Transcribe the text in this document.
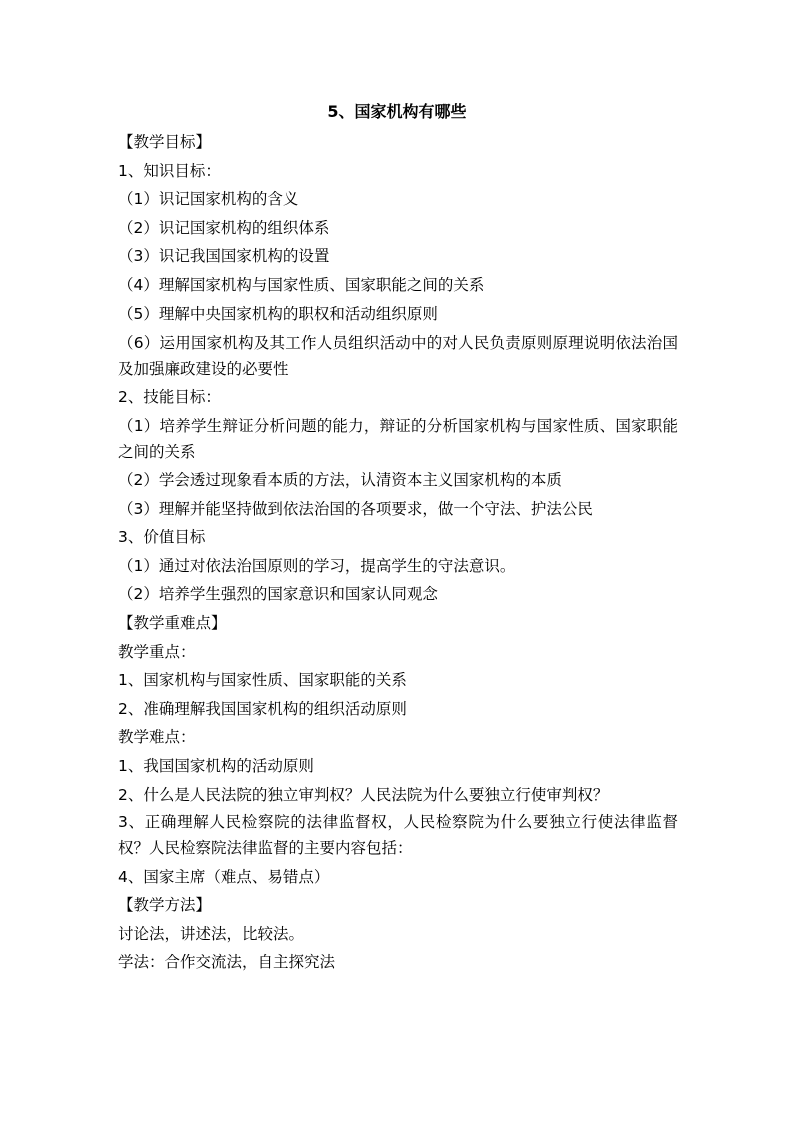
5、国家机构有哪些
【教学目标】
1、知识目标：
（1）识记国家机构的含义
（2）识记国家机构的组织体系
（3）识记我国国家机构的设置
（4）理解国家机构与国家性质、国家职能之间的关系
（5）理解中央国家机构的职权和活动组织原则
（6）运用国家机构及其工作人员组织活动中的对人民负责原则原理说明依法治国及加强廉政建设的必要性
2、技能目标：
（1）培养学生辩证分析问题的能力，辩证的分析国家机构与国家性质、国家职能之间的关系
（2）学会透过现象看本质的方法，认清资本主义国家机构的本质
（3）理解并能坚持做到依法治国的各项要求，做一个守法、护法公民
3、价值目标
（1）通过对依法治国原则的学习，提高学生的守法意识。
（2）培养学生强烈的国家意识和国家认同观念
【教学重难点】
教学重点：
1、国家机构与国家性质、国家职能的关系
2、准确理解我国国家机构的组织活动原则
教学难点：
1、我国国家机构的活动原则
2、什么是人民法院的独立审判权？人民法院为什么要独立行使审判权？
3、正确理解人民检察院的法律监督权，人民检察院为什么要独立行使法律监督权？人民检察院法律监督的主要内容包括：
4、国家主席（难点、易错点）
【教学方法】
讨论法，讲述法，比较法。
学法：合作交流法，自主探究法
